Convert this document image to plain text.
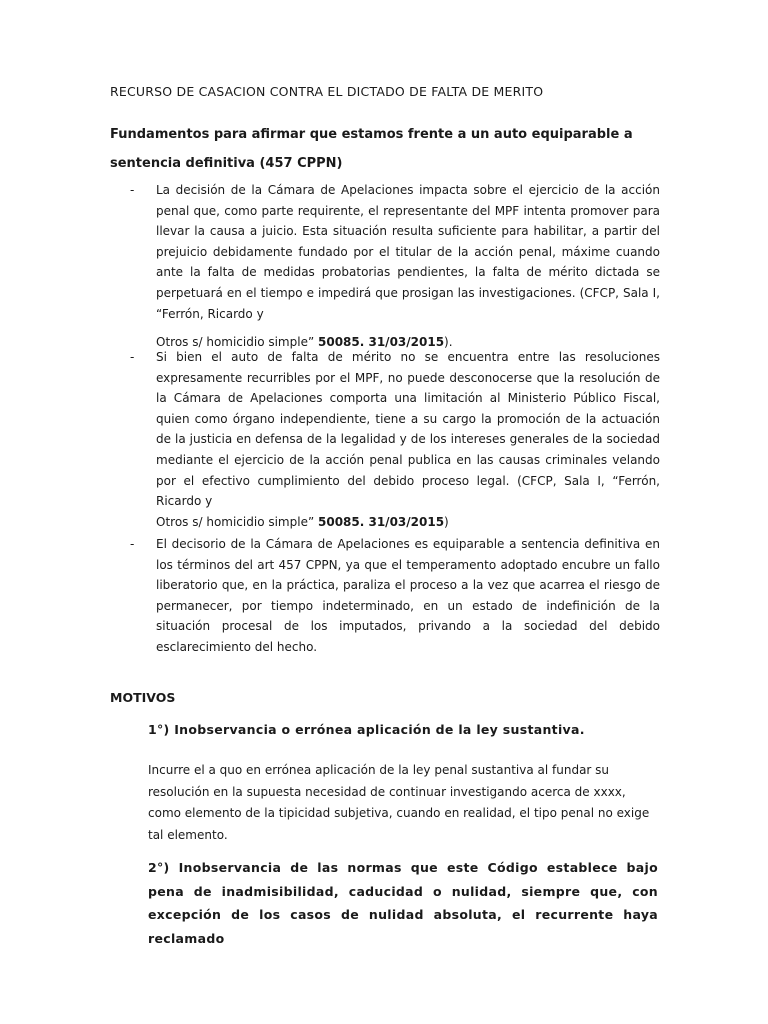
RECURSO DE CASACION CONTRA EL DICTADO DE FALTA DE MERITO

Fundamentos para afirmar que estamos frente a un auto equiparable a sentencia definitiva (457 CPPN)

-	La decisión de la Cámara de Apelaciones impacta sobre el ejercicio de la acción penal que, como parte requirente, el representante del MPF intenta promover para llevar la causa a juicio. Esta situación resulta suficiente para habilitar, a partir del prejuicio debidamente fundado por el titular de la acción penal, máxime cuando ante la falta de medidas probatorias pendientes, la falta de mérito dictada se perpetuará en el tiempo e impedirá que prosigan las investigaciones. (CFCP, Sala I, “Ferrón, Ricardo y
Otros s/ homicidio simple” 50085. 31/03/2015).
-	Si bien el auto de falta de mérito no se encuentra entre las resoluciones expresamente recurribles por el MPF, no puede desconocerse que la resolución de la Cámara de Apelaciones comporta una limitación al Ministerio Público Fiscal, quien como órgano independiente, tiene a su cargo la promoción de la actuación de la justicia en defensa de la legalidad y de los intereses generales de la sociedad mediante el ejercicio de la acción penal publica en las causas criminales velando por el efectivo cumplimiento del debido proceso legal. (CFCP, Sala I, “Ferrón, Ricardo y
Otros s/ homicidio simple” 50085. 31/03/2015)
-	El decisorio de la Cámara de Apelaciones es equiparable a sentencia definitiva en los términos del art 457 CPPN, ya que el temperamento adoptado encubre un fallo liberatorio que, en la práctica, paraliza el proceso a la vez que acarrea el riesgo de permanecer, por tiempo indeterminado, en un estado de indefinición de la situación procesal de los imputados, privando a la sociedad del debido esclarecimiento del hecho.
MOTIVOS
1°) Inobservancia o errónea aplicación de la ley sustantiva.

Incurre el a quo en errónea aplicación de la ley penal sustantiva al fundar su resolución en la supuesta necesidad de continuar investigando acerca de xxxx, como elemento de la tipicidad subjetiva, cuando en realidad, el tipo penal no exige tal elemento.

2°) Inobservancia de las normas que este Código establece bajo pena de inadmisibilidad, caducidad o nulidad, siempre que, con excepción de los casos de nulidad absoluta, el recurrente haya reclamado
